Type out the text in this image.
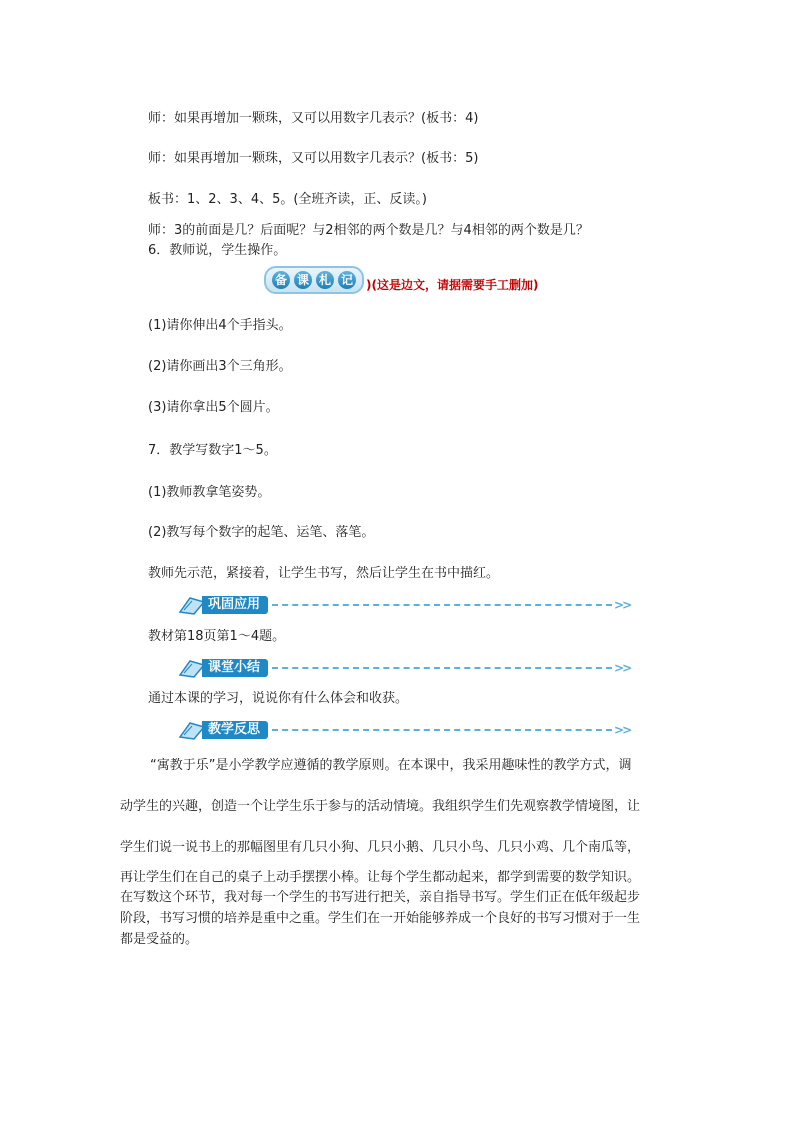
师：如果再增加一颗珠，又可以用数字几表示？(板书：4)
师：如果再增加一颗珠，又可以用数字几表示？(板书：5)
板书：1、2、3、4、5。(全班齐读，正、反读。)
师：3的前面是几？后面呢？与2相邻的两个数是几？与4相邻的两个数是几？
6．教师说，学生操作。
备 课 札 记 )(这是边文，请据需要手工删加)
(1)请你伸出4个手指头。
(2)请你画出3个三角形。
(3)请你拿出5个圆片。
7．教学写数字1～5。
(1)教师教拿笔姿势。
(2)教写每个数字的起笔、运笔、落笔。
教师先示范，紧接着，让学生书写，然后让学生在书中描红。
巩固应用	>>
教材第18页第1～4题。
课堂小结	>>
通过本课的学习，说说你有什么体会和收获。
教学反思	>>
“寓教于乐”是小学教学应遵循的教学原则。在本课中，我采用趣味性的教学方式，调
动学生的兴趣，创造一个让学生乐于参与的活动情境。我组织学生们先观察教学情境图，让
学生们说一说书上的那幅图里有几只小狗、几只小鹅、几只小鸟、几只小鸡、几个南瓜等，
再让学生们在自己的桌子上动手摆摆小棒。让每个学生都动起来，都学到需要的数学知识。
在写数这个环节，我对每一个学生的书写进行把关，亲自指导书写。学生们正在低年级起步
阶段，书写习惯的培养是重中之重。学生们在一开始能够养成一个良好的书写习惯对于一生
都是受益的。
